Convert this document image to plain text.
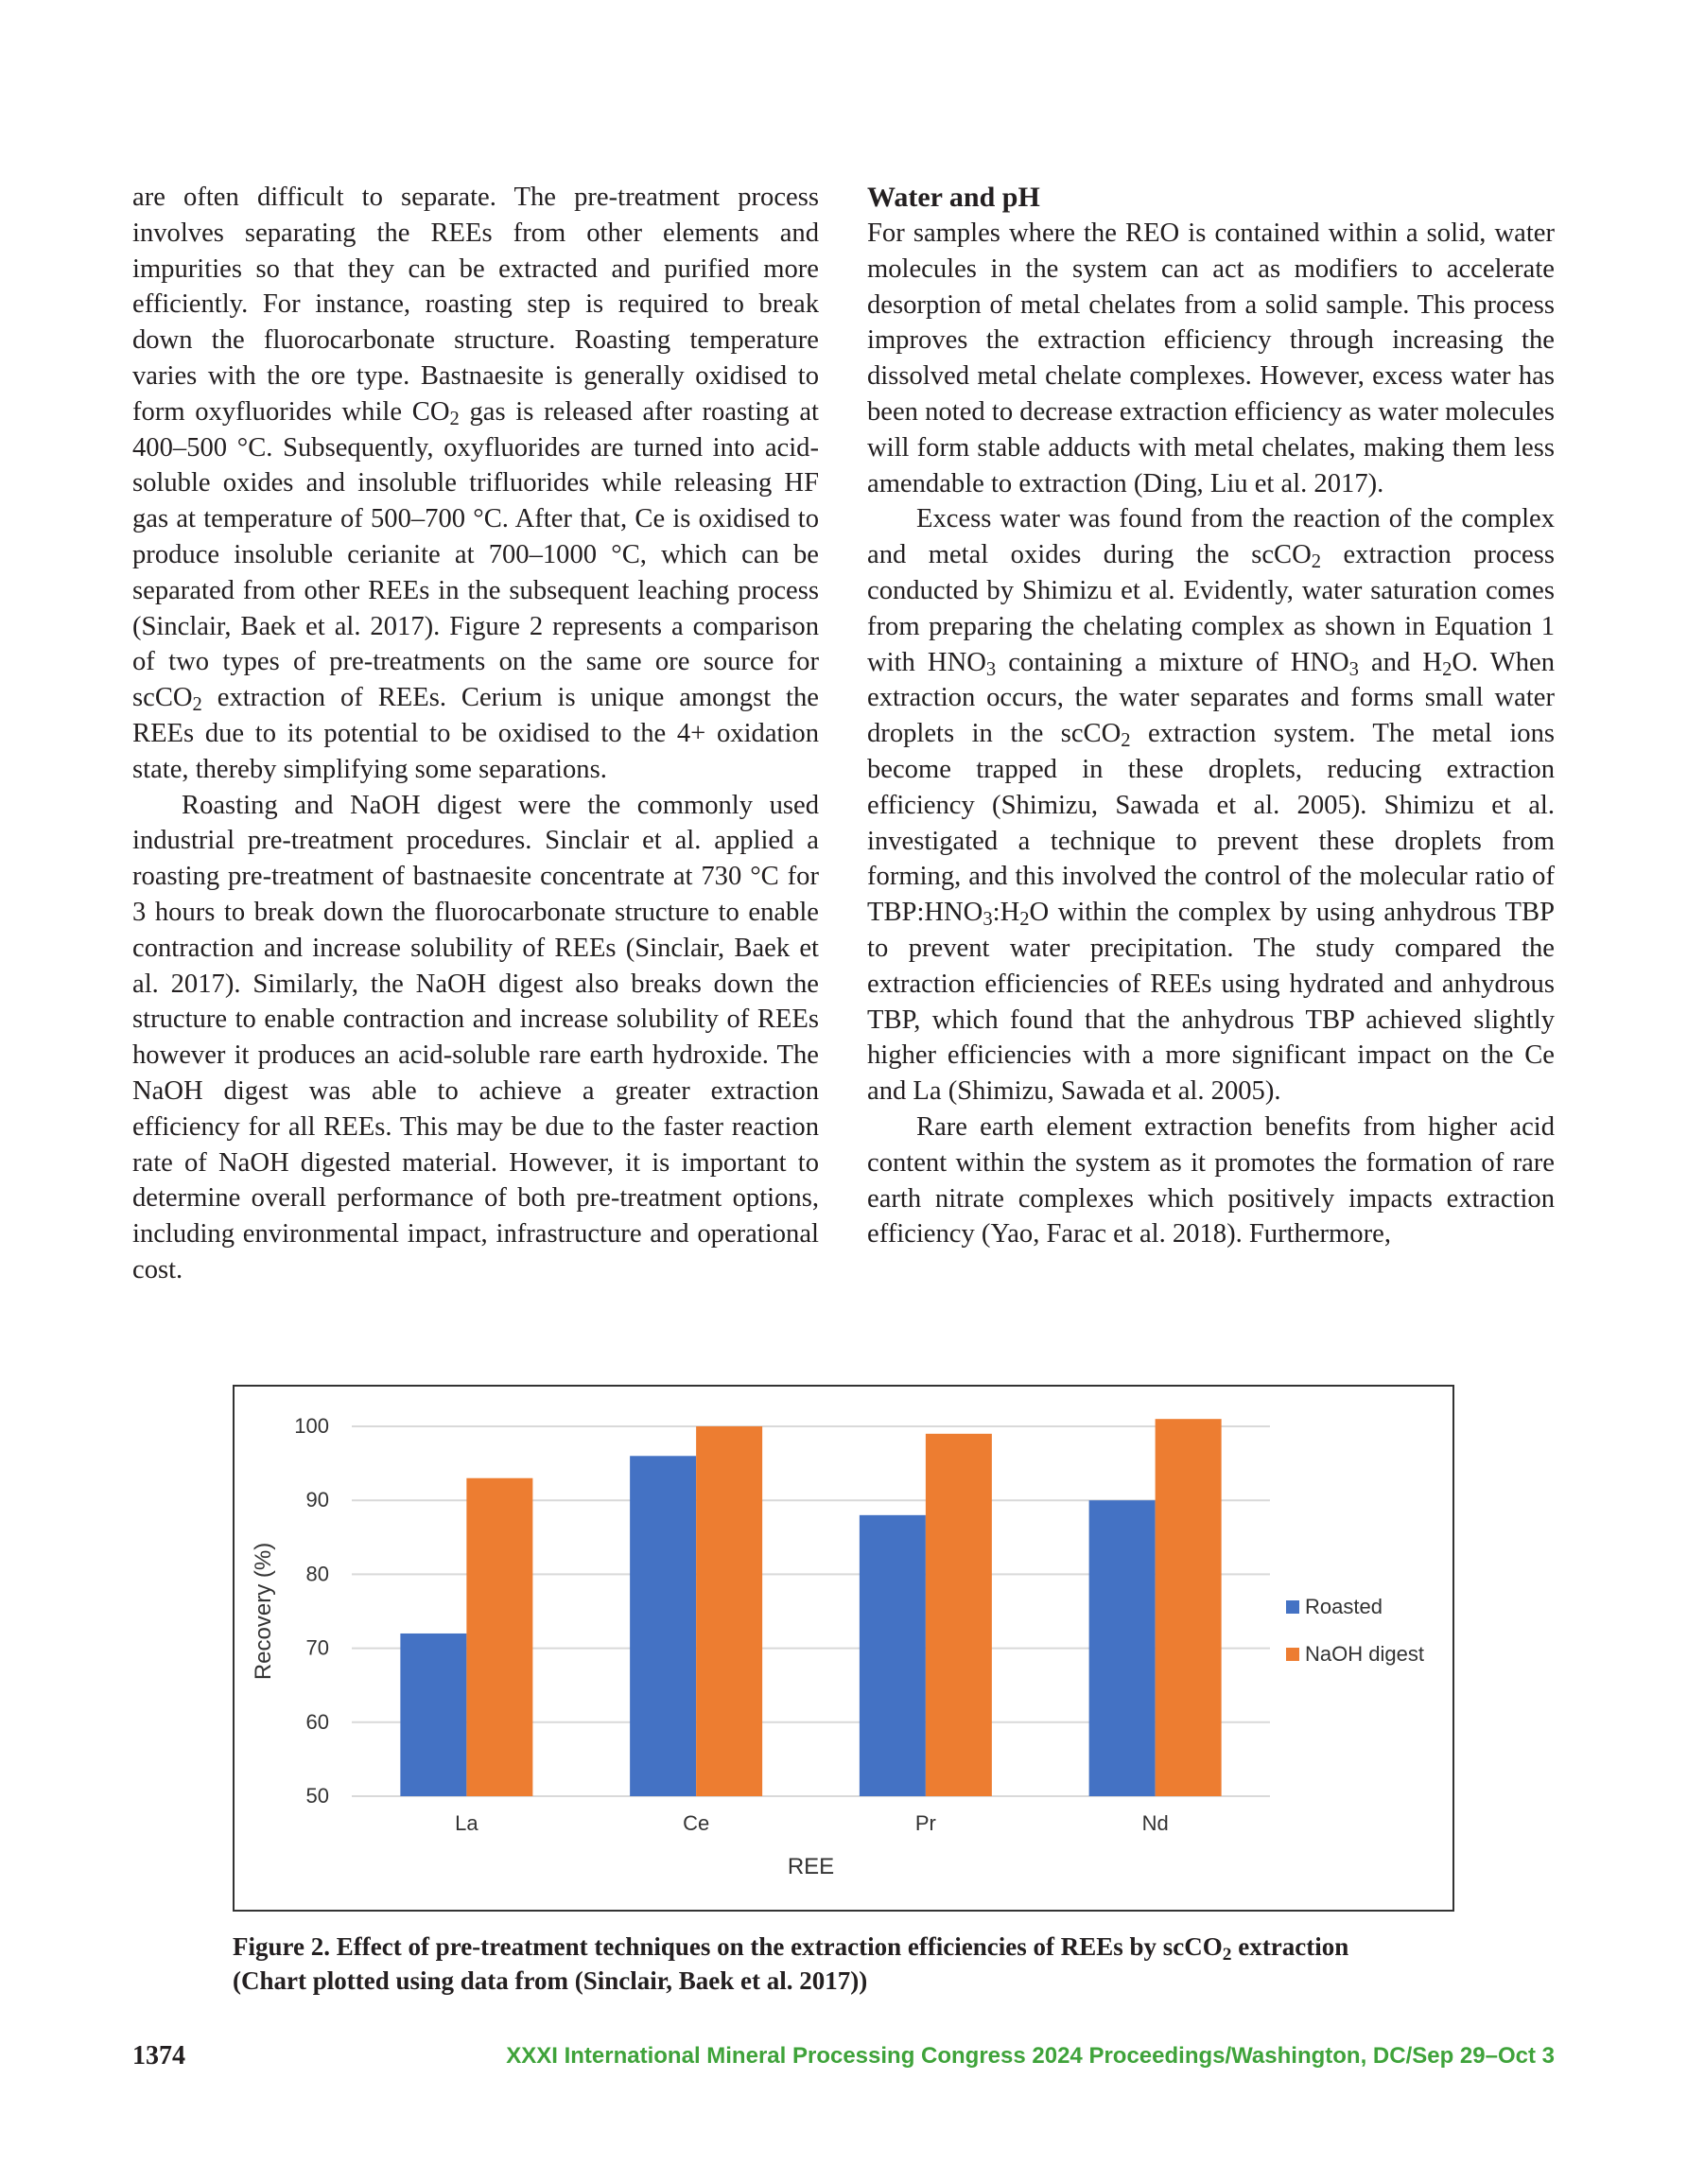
are often difficult to separate. The pre-treatment process involves separating the REEs from other elements and impurities so that they can be extracted and purified more efficiently. For instance, roasting step is required to break down the fluorocarbonate structure. Roasting temperature varies with the ore type. Bastnaesite is generally oxidised to form oxyfluorides while $CO_2$ gas is released after roasting at 400–500 °C. Subsequently, oxyfluorides are turned into acid-soluble oxides and insoluble trifluorides while releasing HF gas at temperature of 500–700 °C. After that, Ce is oxidised to produce insoluble cerianite at 700–1000 °C, which can be separated from other REEs in the subsequent leaching process (Sinclair, Baek et al. 2017). Figure 2 represents a comparison of two types of pre-treatments on the same ore source for scCO$_2$ extraction of REEs. Cerium is unique amongst the REEs due to its potential to be oxidised to the 4+ oxidation state, thereby simplifying some separations.

Roasting and NaOH digest were the commonly used industrial pre-treatment procedures. Sinclair et al. applied a roasting pre-treatment of bastnaesite concentrate at 730 °C for 3 hours to break down the fluorocarbonate structure to enable contraction and increase solubility of REEs (Sinclair, Baek et al. 2017). Similarly, the NaOH digest also breaks down the structure to enable contraction and increase solubility of REEs however it produces an acid-soluble rare earth hydroxide. The NaOH digest was able to achieve a greater extraction efficiency for all REEs. This may be due to the faster reaction rate of NaOH digested material. However, it is important to determine overall performance of both pre-treatment options, including environmental impact, infrastructure and operational cost.

Water and pH

For samples where the REO is contained within a solid, water molecules in the system can act as modifiers to accelerate desorption of metal chelates from a solid sample. This process improves the extraction efficiency through increasing the dissolved metal chelate complexes. However, excess water has been noted to decrease extraction efficiency as water molecules will form stable adducts with metal chelates, making them less amendable to extraction (Ding, Liu et al. 2017).

Excess water was found from the reaction of the complex and metal oxides during the scCO$_2$ extraction process conducted by Shimizu et al. Evidently, water saturation comes from preparing the chelating complex as shown in Equation 1 with $HNO_3$ containing a mixture of $HNO_3$ and $H_2O$. When extraction occurs, the water separates and forms small water droplets in the scCO$_2$ extraction system. The metal ions become trapped in these droplets, reducing extraction efficiency (Shimizu, Sawada et al. 2005). Shimizu et al. investigated a technique to prevent these droplets from forming, and this involved the control of the molecular ratio of $TBP:HNO_3:H_2O$ within the complex by using anhydrous TBP to prevent water precipitation. The study compared the extraction efficiencies of REEs using hydrated and anhydrous TBP, which found that the anhydrous TBP achieved slightly higher efficiencies with a more significant impact on the Ce and La (Shimizu, Sawada et al. 2005).

Rare earth element extraction benefits from higher acid content within the system as it promotes the formation of rare earth nitrate complexes which positively impacts extraction efficiency (Yao, Farac et al. 2018). Furthermore,

50
60
70
80
90
100
La	Ce	Pr	Nd
REE
Recovery (%)	Roasted
NaOH digest
Figure 2. Effect of pre-treatment techniques on the extraction efficiencies of REEs by scCO$_2$ extraction
(Chart plotted using data from (Sinclair, Baek et al. 2017))
1374	XXXI International Mineral Processing Congress 2024 Proceedings/Washington, DC/Sep 29–Oct 3
